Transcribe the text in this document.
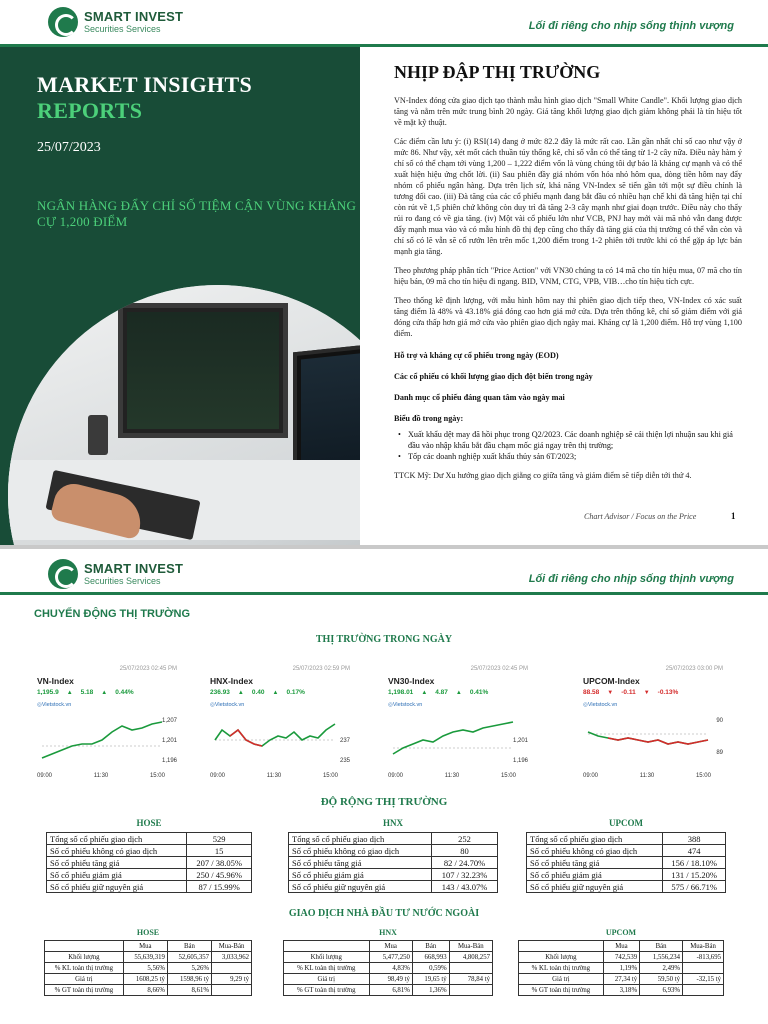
SMART INVEST
Securities Services	Lối đi riêng cho nhịp sống thịnh vượng
MARKET INSIGHTS
REPORTS
25/07/2023
NGÂN HÀNG ĐẨY CHỈ SỐ TIỆM CẬN VÙNG KHÁNG CỰ 1,200 ĐIỂM
NHỊP ĐẬP THỊ TRƯỜNG

VN-Index đóng cửa giao dịch tạo thành mẫu hình giao dịch "Small White Candle". Khối lượng giao dịch tăng và nằm trên mức trung bình 20 ngày. Giá tăng khối lượng giao dịch giảm không phải là tín hiệu tốt về mặt kỹ thuật.

Các điểm cần lưu ý: (i) RSI(14) đang ở mức 82.2 đây là mức rất cao. Lần gần nhất chỉ số cao như vậy ở mức 86. Như vậy, xét mốt cách thuần túy thống kê, chỉ số vẫn có thể tăng từ 1-2 cây nữa. Điều này hàm ý chỉ số có thể chạm tới vùng 1,200 – 1,222 điểm vốn là vùng chúng tôi dự báo là kháng cự mạnh và có thể xuất hiện hiệu ứng chốt lời. (ii) Sau phiên đầy giá nhóm vốn hóa nhỏ hôm qua, dòng tiền hôm nay đẩy nhóm cổ phiếu ngân hàng. Dựa trên lịch sử, khả năng VN-Index sẽ tiến gần tới một sự điều chỉnh là tương đối cao. (iii) Đà tăng của các cổ phiếu mạnh đang bắt đầu có nhiều hạn chế khi đà tăng hiện tại chỉ còn rút về 1,5 phiên chứ không còn duy trì đà tăng 2-3 cây mạnh như giai đoạn trước. Điều này cho thấy rủi ro đang có về gia tăng. (iv) Một vài cổ phiếu lớn như VCB, PNJ hay mới vài mã nhỏ vẫn đang được đẩy mạnh mua vào và có mẫu hình đồ thị đẹp cũng cho thấy đà tăng giá của thị trường có thể vẫn còn và chỉ số có lẽ vẫn sẽ cố rướn lên trên mốc 1,200 điểm trong 1-2 phiên tới trước khi có thể gặp áp lực bán mạnh gia tăng.

Theo phương pháp phân tích "Price Action" với VN30 chúng ta có 14 mã cho tín hiệu mua, 07 mã cho tín hiệu bán, 09 mã cho tín hiệu đi ngang. BID, VNM, CTG, VPB, VIB…cho tín hiệu tích cực.

Theo thống kê định lượng, với mẫu hình hôm nay thì phiên giao dịch tiếp theo, VN-Index có xác suất tăng điểm là 48% và 43.18% giá đóng cao hơn giá mở cửa. Dựa trên thống kê, chỉ số giảm điểm với giá đóng cửa thấp hơn giá mở cửa vào phiên giao dịch ngày mai. Kháng cự là 1,200 điểm. Hỗ trợ vùng 1,100 điểm.

Hỗ trợ và kháng cự cổ phiếu trong ngày (EOD)
Các cổ phiếu có khối lượng giao dịch đột biến trong ngày
Danh mục cổ phiếu đáng quan tâm vào ngày mai
Biểu đồ trong ngày:
• Xuất khẩu dệt may đã hồi phục trong Q2/2023. Các doanh nghiệp sẽ cải thiện lợi nhuận sau khi giá đầu vào nhập khẩu bắt đầu chạm mốc giá ngay trên thị trường;
• Tốp các doanh nghiệp xuất khẩu thủy sản 6T/2023;

TTCK Mỹ: Dư Xu hướng giao dịch giằng co giữa tăng và giảm điểm sẽ tiếp diễn tới thứ 4.

Chart Advisor / Focus on the Price	1
SMART INVEST
Securities Services	Lối đi riêng cho nhịp sống thịnh vượng
CHUYỂN ĐỘNG THỊ TRƯỜNG
THỊ TRƯỜNG TRONG NGÀY
25/07/2023 02:45 PM
VN-Index
1,195.9 ▲ 5.18 ▲ 0.44%
◎Vietstock.vn
1,207
1,201
1,196
09:00	11:30	15:00
25/07/2023 02:59 PM
HNX-Index
236.93 ▲ 0.40 ▲ 0.17%
◎Vietstock.vn
237
235
09:00	11:30	15:00
25/07/2023 02:45 PM
VN30-Index
1,198.01 ▲ 4.87 ▲ 0.41%
◎Vietstock.vn
1,201
1,196
09:00	11:30	15:00
25/07/2023 03:00 PM
UPCOM-Index
88.58 ▼ -0.11 ▼ -0.13%
◎Vietstock.vn
90
89
09:00	11:30	15:00
ĐỘ RỘNG THỊ TRƯỜNG
HOSE
Tổng số cổ phiếu giao dịch	529
Số cổ phiếu không có giao dịch	15
Số cổ phiếu tăng giá	207 / 38.05%
Số cổ phiếu giảm giá	250 / 45.96%
Số cổ phiếu giữ nguyên giá	87 / 15.99%
HNX
Tổng số cổ phiếu giao dịch	252
Số cổ phiếu không có giao dịch	80
Số cổ phiếu tăng giá	82 / 24.70%
Số cổ phiếu giảm giá	107 / 32.23%
Số cổ phiếu giữ nguyên giá	143 / 43.07%
UPCOM
Tổng số cổ phiếu giao dịch	388
Số cổ phiếu không có giao dịch	474
Số cổ phiếu tăng giá	156 / 18.10%
Số cổ phiếu giảm giá	131 / 15.20%
Số cổ phiếu giữ nguyên giá	575 / 66.71%
GIAO DỊCH NHÀ ĐẦU TƯ NƯỚC NGOÀI
HOSE
	Mua	Bán	Mua-Bán
Khối lượng	55,639,319	52,605,357	3,033,962
% KL toàn thị trường	5,56%	5,26%	
Giá trị	1608,25 tỷ	1598,96 tỷ	9,29 tỷ
% GT toàn thị trường	8,66%	8,61%	
HNX
	Mua	Bán	Mua-Bán
Khối lượng	5,477,250	668,993	4,808,257
% KL toàn thị trường	4,83%	0,59%	
Giá trị	98,49 tỷ	19,65 tỷ	78,84 tỷ
% GT toàn thị trường	6,81%	1,36%	
UPCOM
	Mua	Bán	Mua-Bán
Khối lượng	742,539	1,556,234	-813,695
% KL toàn thị trường	1,19%	2,49%	
Giá trị	27,34 tỷ	59,50 tỷ	-32,15 tỷ
% GT toàn thị trường	3,18%	6,93%	
